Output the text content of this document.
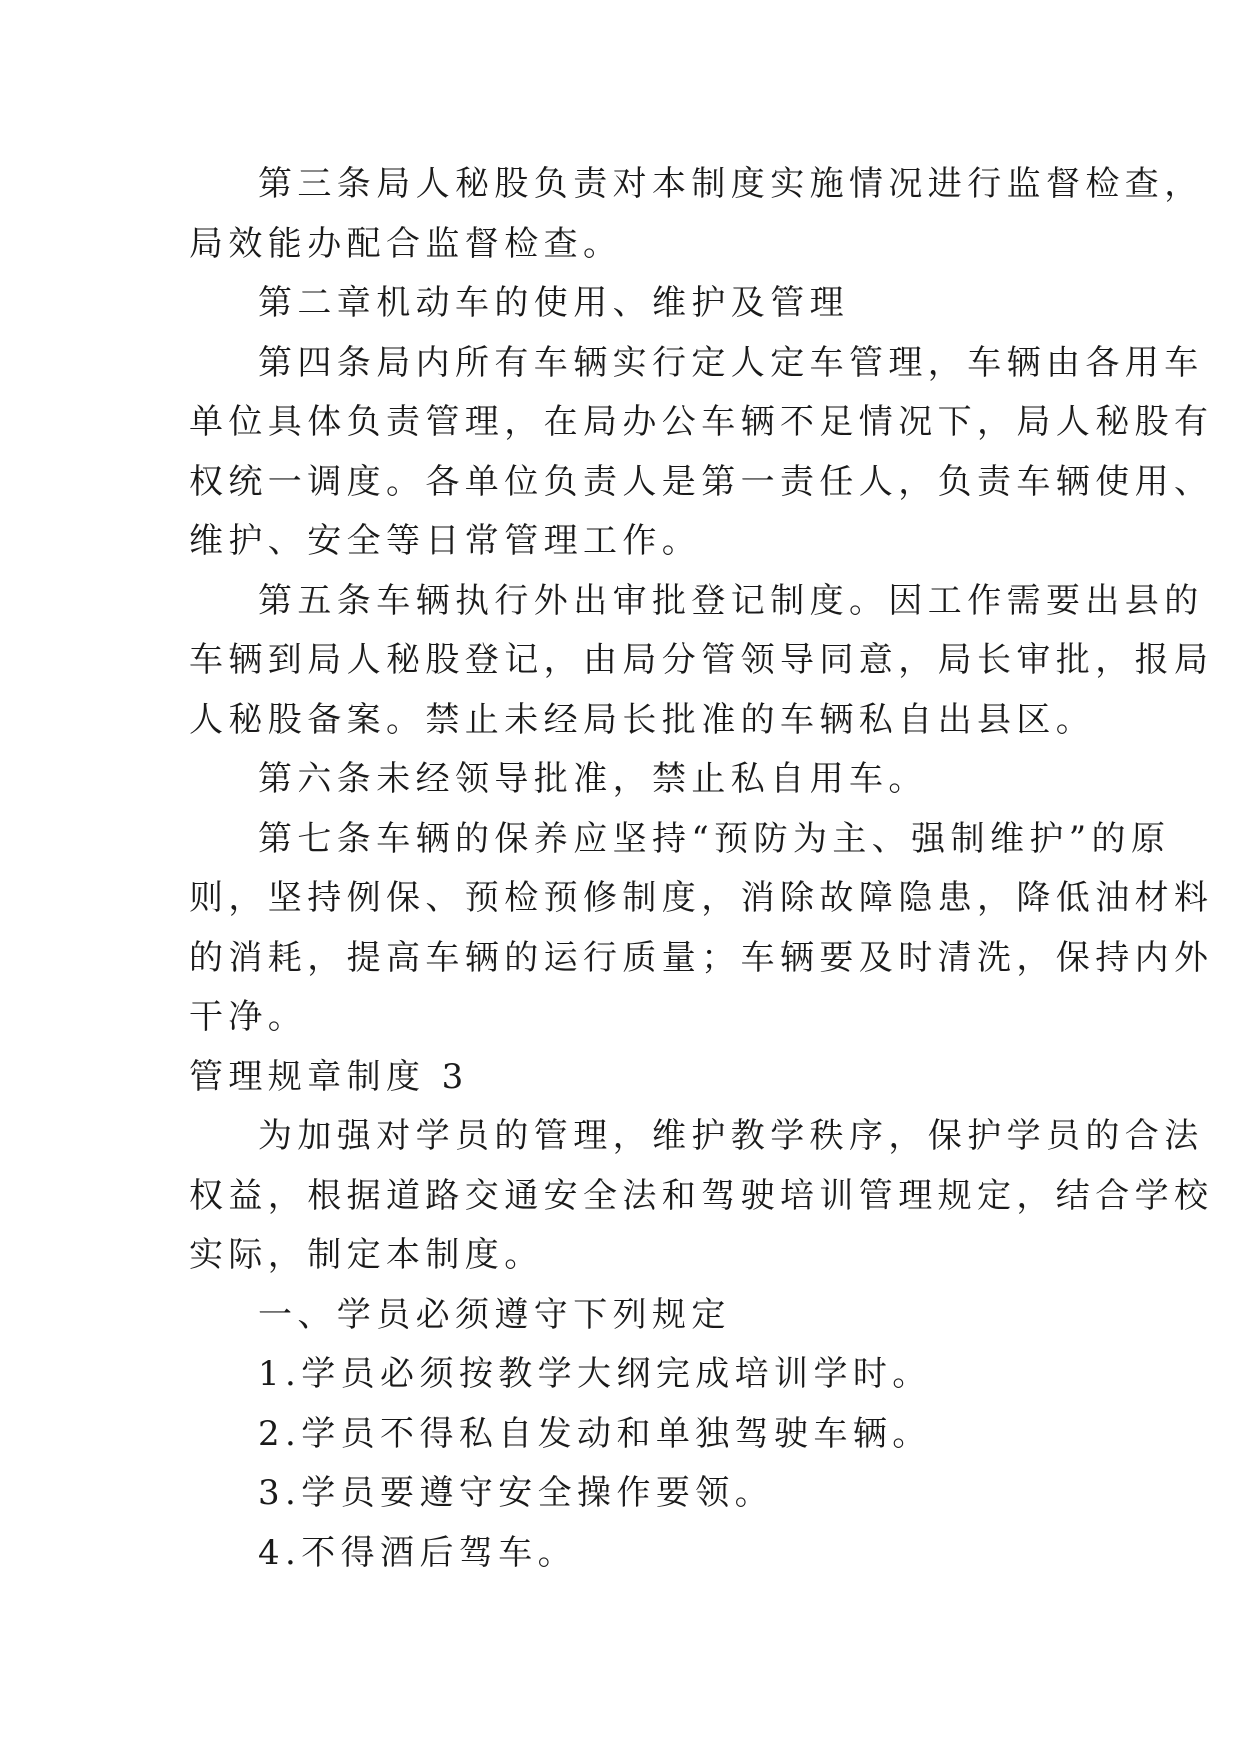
第三条局人秘股负责对本制度实施情况进行监督检查，
局效能办配合监督检查。
第二章机动车的使用、维护及管理
第四条局内所有车辆实行定人定车管理，车辆由各用车
单位具体负责管理，在局办公车辆不足情况下，局人秘股有
权统一调度。各单位负责人是第一责任人，负责车辆使用、
维护、安全等日常管理工作。
第五条车辆执行外出审批登记制度。因工作需要出县的
车辆到局人秘股登记，由局分管领导同意，局长审批，报局
人秘股备案。禁止未经局长批准的车辆私自出县区。
第六条未经领导批准，禁止私自用车。
第七条车辆的保养应坚持“预防为主、强制维护”的原
则，坚持例保、预检预修制度，消除故障隐患，降低油材料
的消耗，提高车辆的运行质量；车辆要及时清洗，保持内外
干净。
管理规章制度 3
为加强对学员的管理，维护教学秩序，保护学员的合法
权益，根据道路交通安全法和驾驶培训管理规定，结合学校
实际，制定本制度。
一、学员必须遵守下列规定
1.学员必须按教学大纲完成培训学时。
2.学员不得私自发动和单独驾驶车辆。
3.学员要遵守安全操作要领。
4.不得酒后驾车。
